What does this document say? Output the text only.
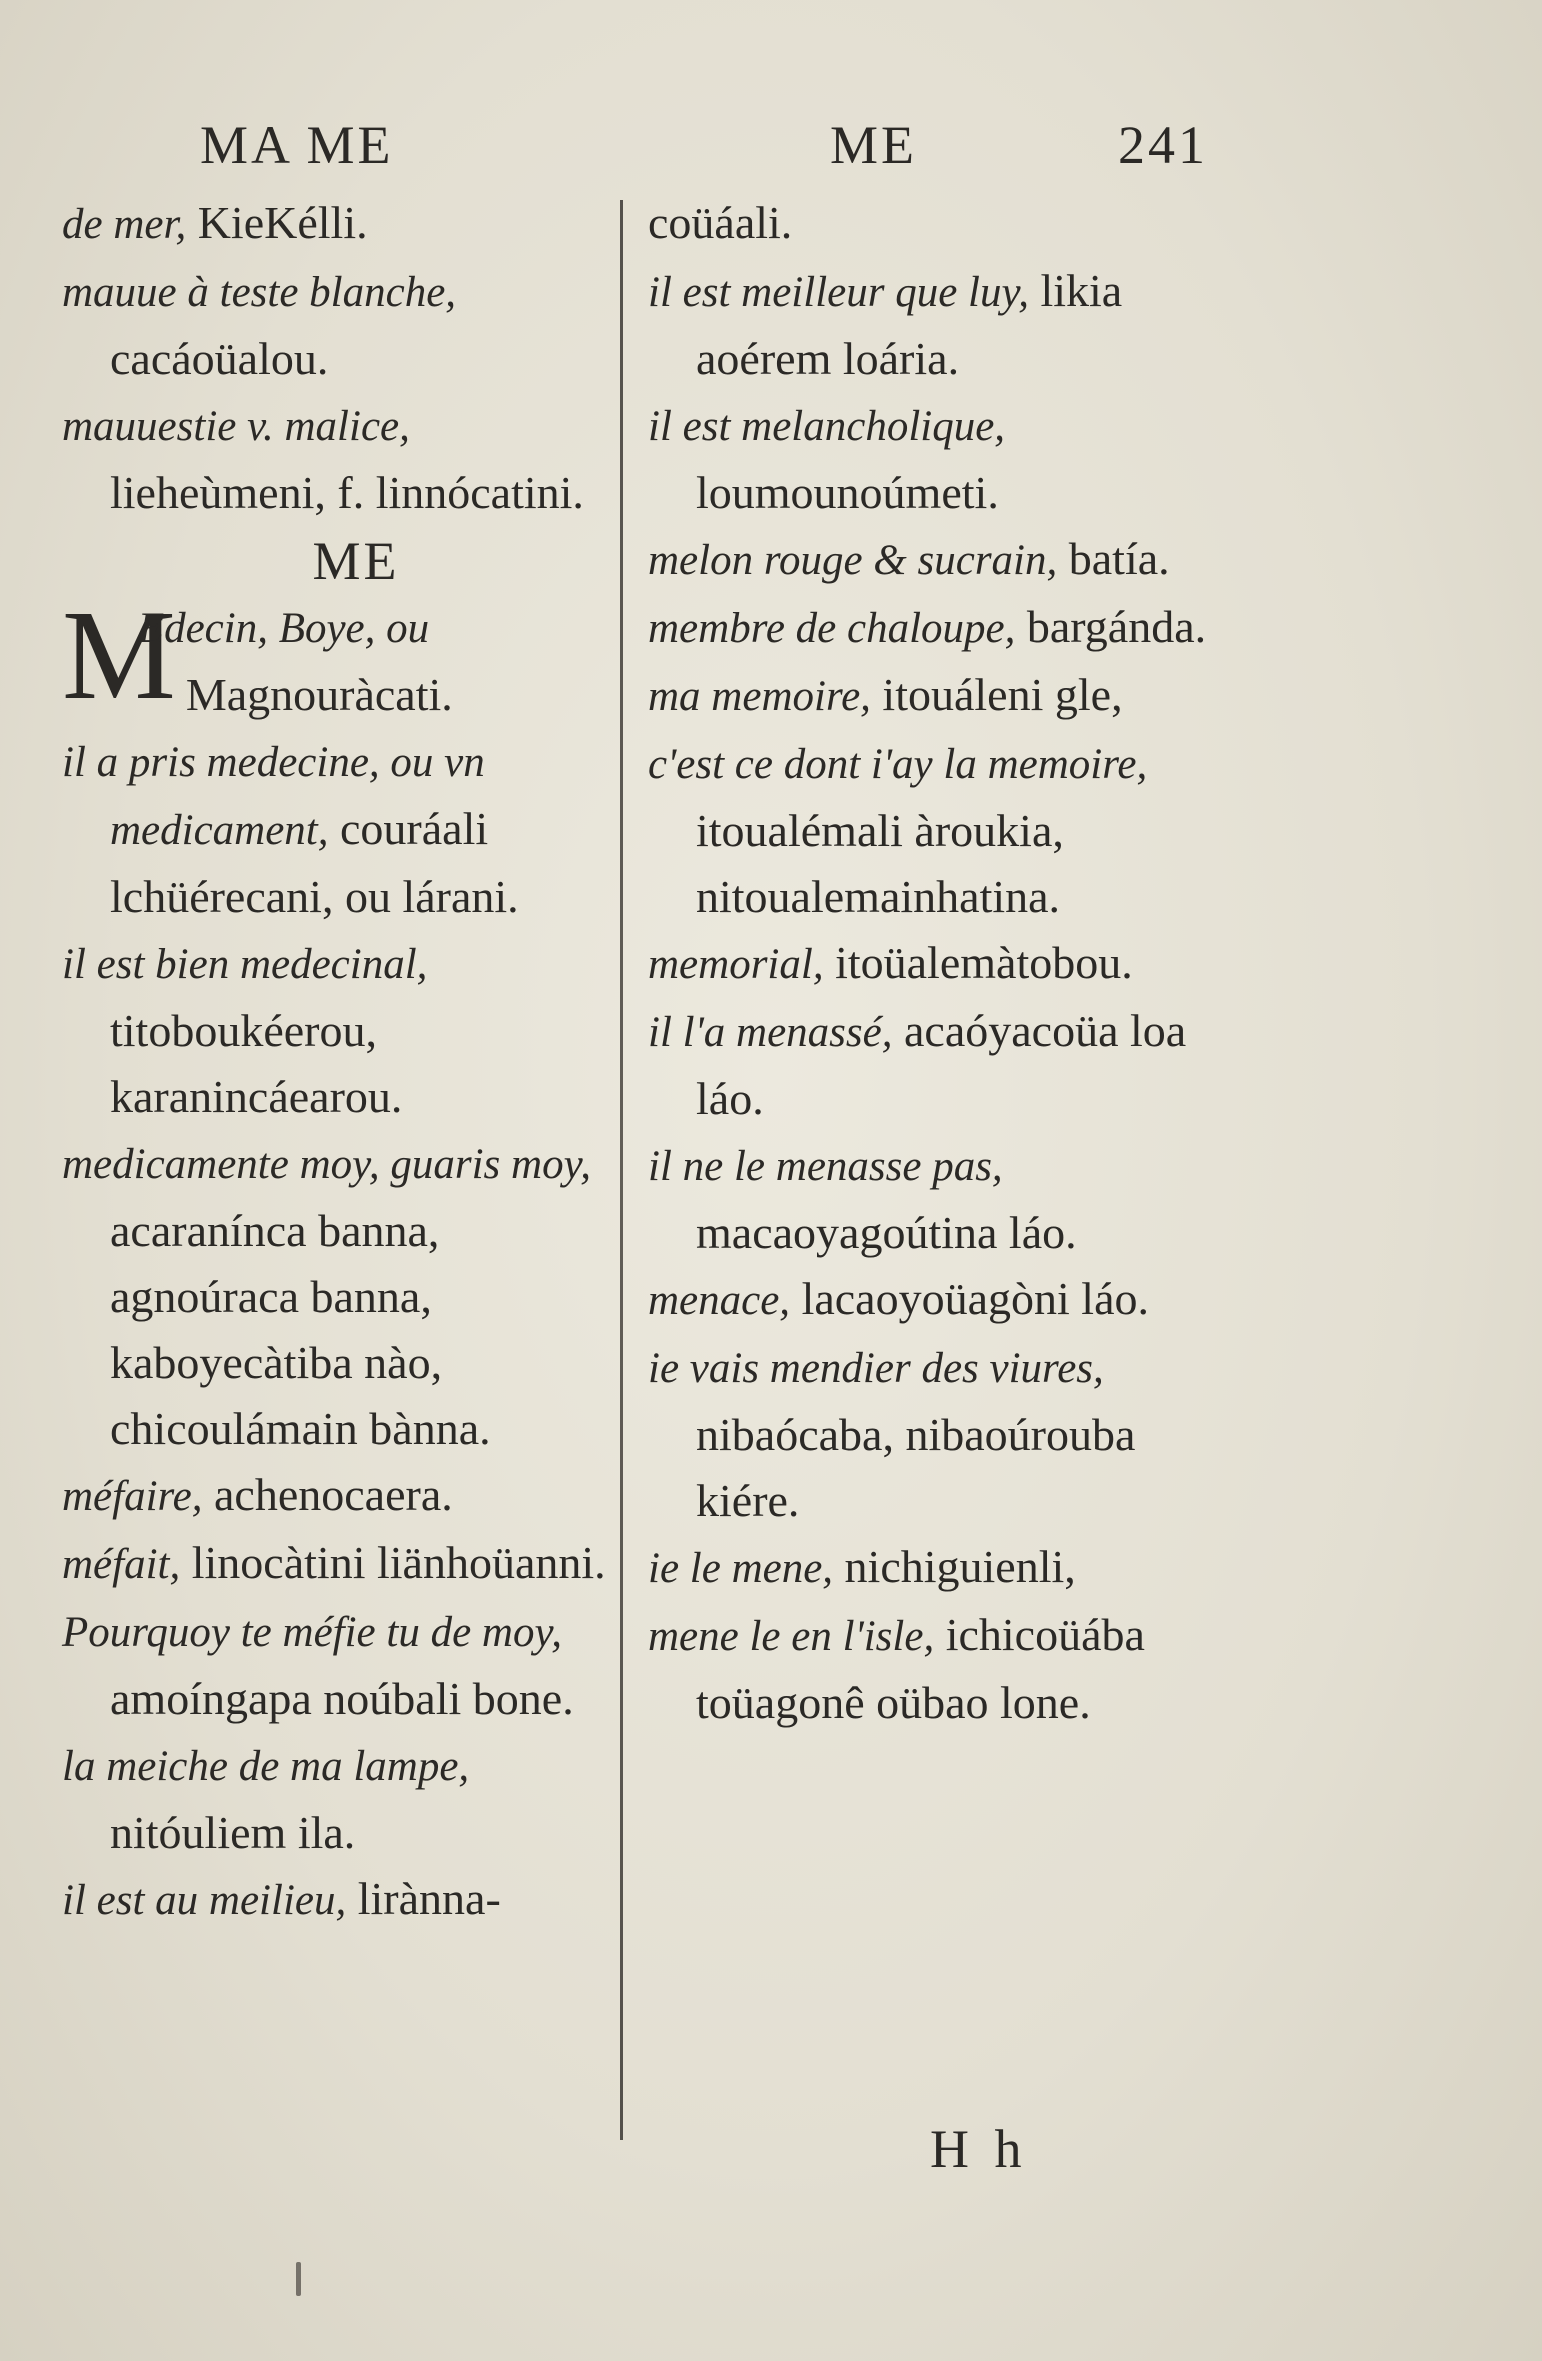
MA ME	ME	241

de mer, KieKélli.

mauue à teste blanche, cacáoüalou.

mauuestie v. malice, lieheùmeni, f. linnócatini.

ME
M

Edecin, Boye, ou Magnouràcati.

il a pris medecine, ou vn medicament, couráali lchüérecani, ou lárani.

il est bien medecinal, titoboukéerou, karanincáearou.

medicamente moy, guaris moy, acaranínca banna, agnoúraca banna, kaboyecàtiba nào, chicoulámain bànna.

méfaire, achenocaera.

méfait, linocàtini liänhoüanni.

Pourquoy te méfie tu de moy, amoíngapa noúbali bone.

la meiche de ma lampe, nitóuliem ila.

il est au meilieu, lirànna-

coüáali.

il est meilleur que luy, likia aoérem loária.

il est melancholique, loumounoúmeti.

melon rouge & sucrain, batía.

membre de chaloupe, bargánda.

ma memoire, itouáleni gle,

c'est ce dont i'ay la memoire, itoualémali àroukia, nitoualemainhatina.

memorial, itoüalemàtobou.

il l'a menassé, acaóyacoüa loa láo.

il ne le menasse pas, macaoyagoútina láo.

menace, lacaoyoüagòni láo.

ie vais mendier des viures, nibaócaba, nibaoúrouba kiére.

ie le mene, nichiguienli,

mene le en l'isle, ichicoüába toüagonê oübao lone.

H h
